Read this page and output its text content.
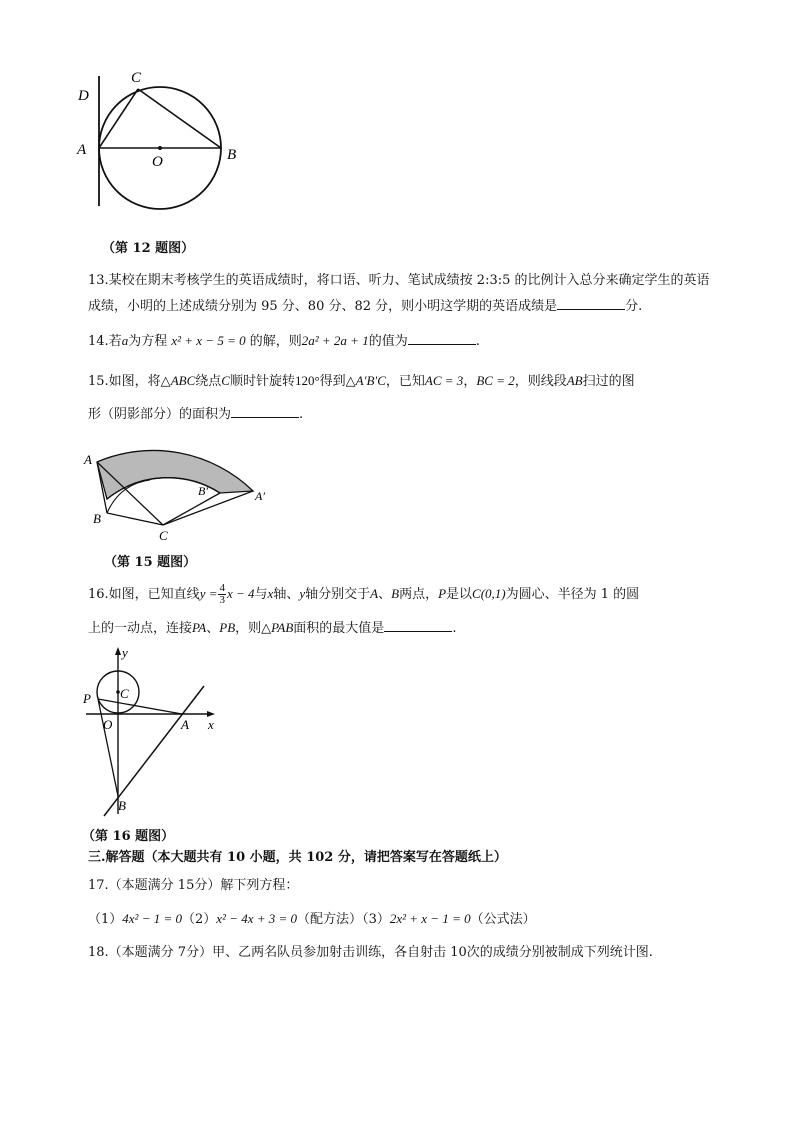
D
C
A
O	B
（第 12 题图）
13.某校在期末考核学生的英语成绩时，将口语、听力、笔试成绩按 2:3:5 的比例计入总分来确定学生的英语
成绩，小明的上述成绩分别为 95 分、80 分、82 分，则小明这学期的英语成绩是	分.
14.若a为方程 x² + x − 5 = 0 的解，则2a² + 2a + 1的值为	.
15.如图，将△ABC绕点C顺时针旋转120°得到△A′B′C，已知AC = 3，BC = 2，则线段AB扫过的图
形（阴影部分）的面积为	.
A
B
C
B′	A′
（第 15 题图）
16.如图，已知直线$y = \frac{4}{3}$ x − 4与x轴、y轴分别交于A、B两点，P是以C(0,1)为圆心、半径为 1 的圆
上的一动点，连接PA、PB，则△PAB面积的最大值是	.
y
P C
O	A x
B
（第 16 题图）
三.解答题（本大题共有 10 小题，共 102 分，请把答案写在答题纸上）
17.（本题满分 15分）解下列方程：
（1）4x² − 1 = 0（2）x² − 4x + 3 = 0（配方法）（3）2x² + x − 1 = 0（公式法）
18.（本题满分 7分）甲、乙两名队员参加射击训练，各自射击 10次的成绩分别被制成下列统计图.
